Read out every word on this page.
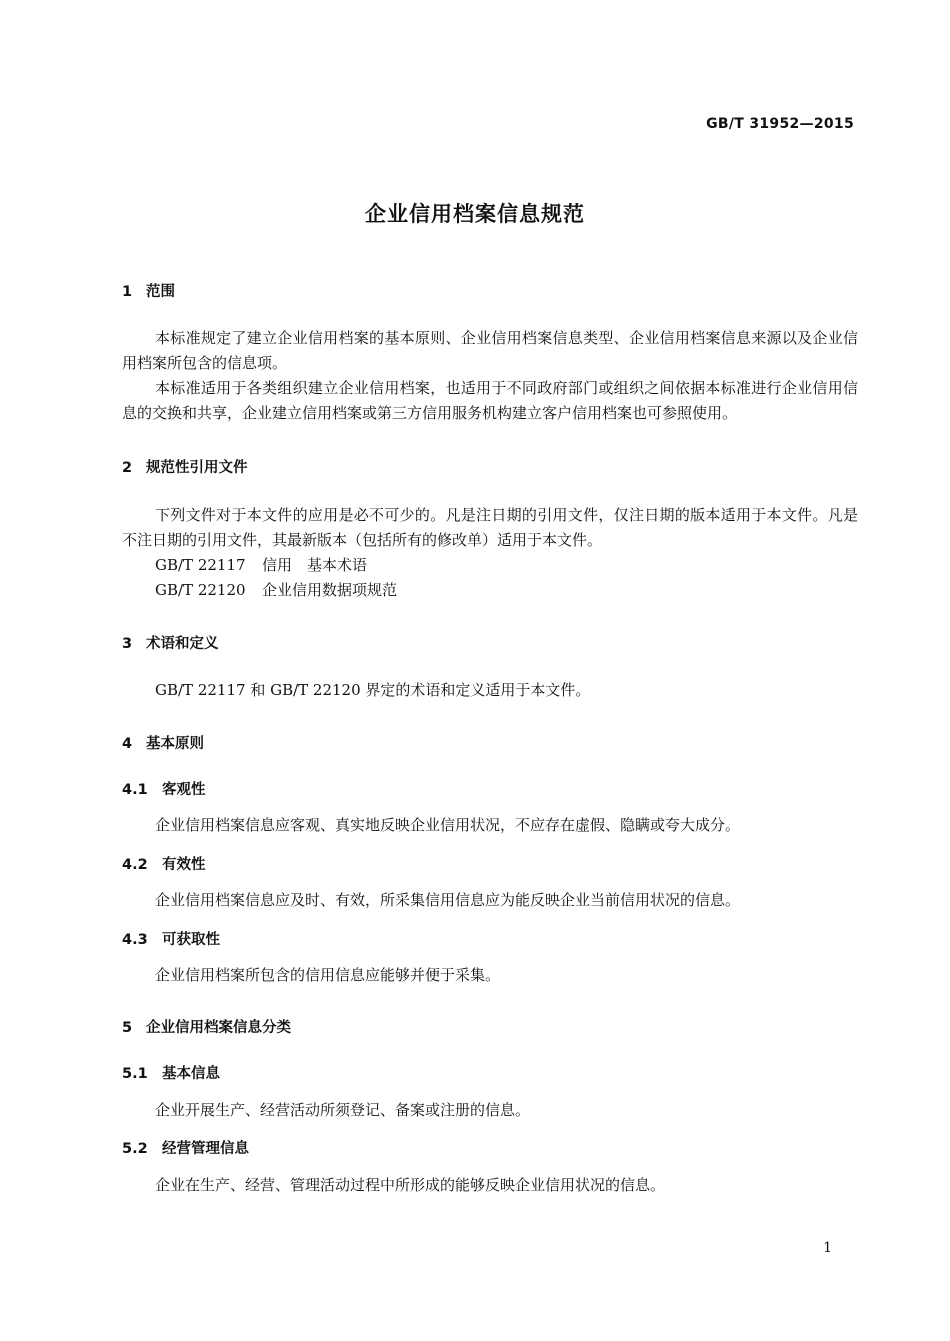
GB/T 31952—2015
企业信用档案信息规范
1 范围
本标准规定了建立企业信用档案的基本原则、企业信用档案信息类型、企业信用档案信息来源以及企业信用档案所包含的信息项。
本标准适用于各类组织建立企业信用档案，也适用于不同政府部门或组织之间依据本标准进行企业信用信息的交换和共享，企业建立信用档案或第三方信用服务机构建立客户信用档案也可参照使用。
2 规范性引用文件
下列文件对于本文件的应用是必不可少的。凡是注日期的引用文件，仅注日期的版本适用于本文件。凡是不注日期的引用文件，其最新版本（包括所有的修改单）适用于本文件。
GB/T 22117 信用　基本术语
GB/T 22120 企业信用数据项规范
3 术语和定义
GB/T 22117 和 GB/T 22120 界定的术语和定义适用于本文件。
4 基本原则
4.1 客观性
企业信用档案信息应客观、真实地反映企业信用状况，不应存在虚假、隐瞒或夸大成分。
4.2 有效性
企业信用档案信息应及时、有效，所采集信用信息应为能反映企业当前信用状况的信息。
4.3 可获取性
企业信用档案所包含的信用信息应能够并便于采集。
5 企业信用档案信息分类
5.1 基本信息
企业开展生产、经营活动所须登记、备案或注册的信息。
5.2 经营管理信息
企业在生产、经营、管理活动过程中所形成的能够反映企业信用状况的信息。
1
